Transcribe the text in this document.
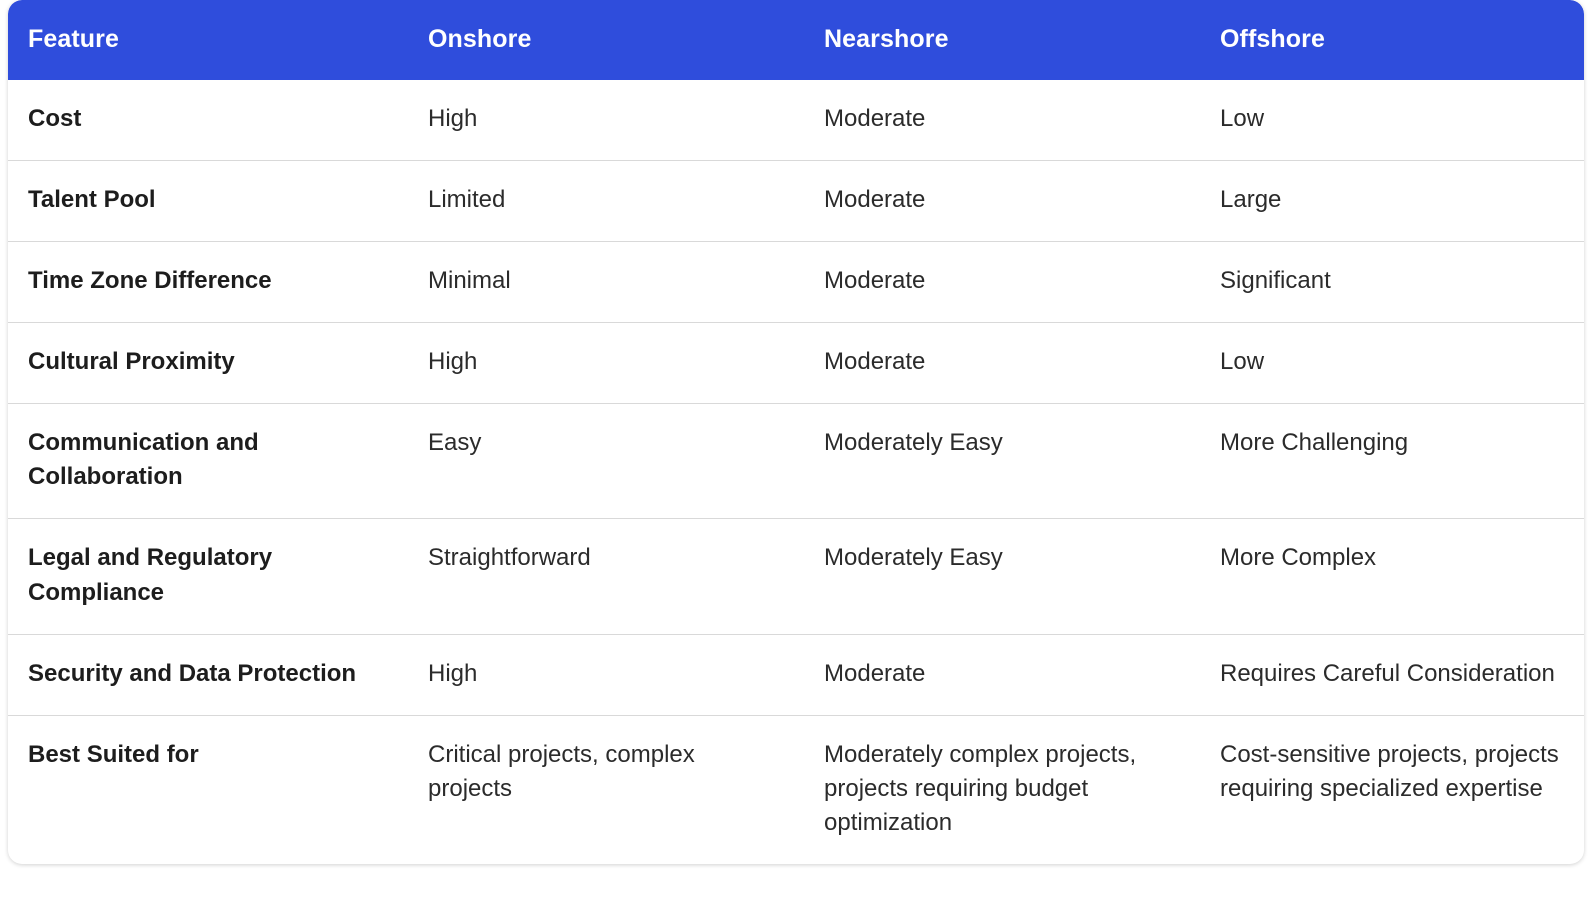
Feature	Onshore	Nearshore	Offshore
Cost	High	Moderate	Low
Talent Pool	Limited	Moderate	Large
Time Zone Difference	Minimal	Moderate	Significant
Cultural Proximity	High	Moderate	Low
Communication and Collaboration	Easy	Moderately Easy	More Challenging
Legal and Regulatory Compliance	Straightforward	Moderately Easy	More Complex
Security and Data Protection	High	Moderate	Requires Careful Consideration
Best Suited for	Critical projects, complex projects	Moderately complex projects, projects requiring budget optimization	Cost-sensitive projects, projects requiring specialized expertise
